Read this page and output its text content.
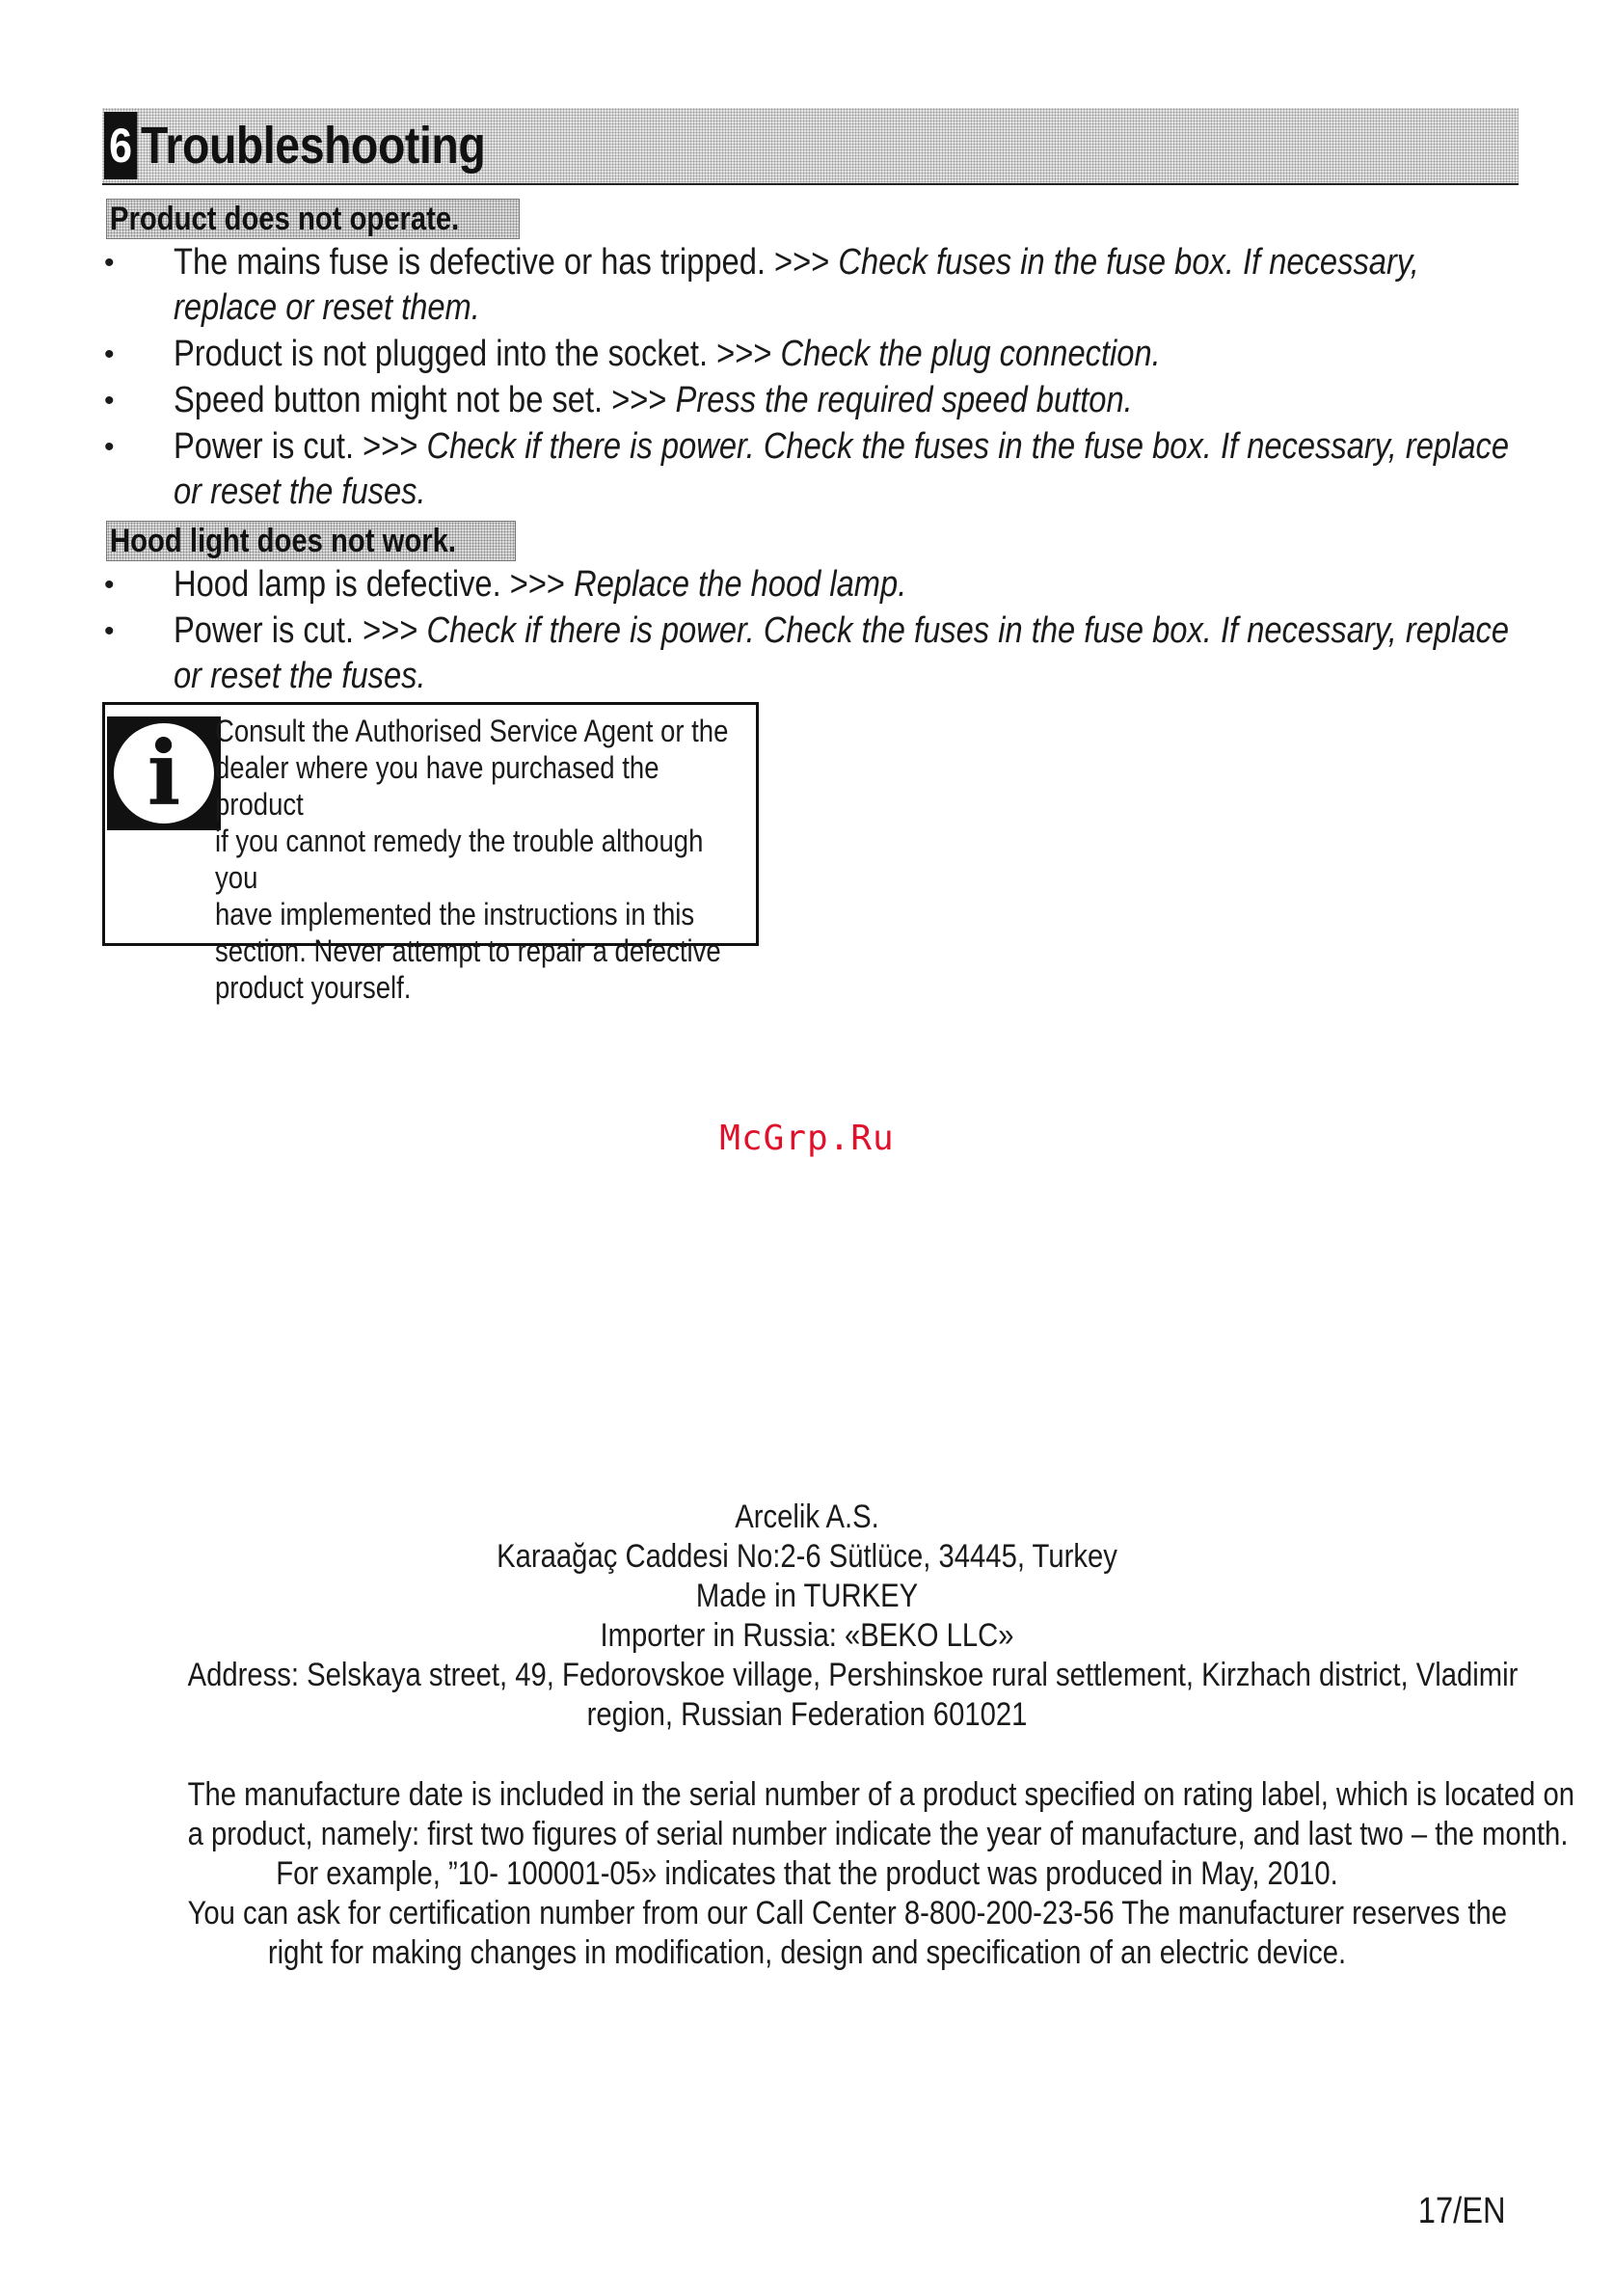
6 Troubleshooting
Product does not operate.
•	The mains fuse is defective or has tripped. >>> Check fuses in the fuse box. If necessary, replace or reset them.
•	Product is not plugged into the socket. >>> Check the plug connection.
•	Speed button might not be set. >>> Press the required speed button.
•	Power is cut. >>> Check if there is power. Check the fuses in the fuse box. If necessary, replace or reset the fuses.
Hood light does not work.
•	Hood lamp is defective. >>> Replace the hood lamp.
•	Power is cut. >>> Check if there is power. Check the fuses in the fuse box. If necessary, replace or reset the fuses.
i	Consult the Authorised Service Agent or the
dealer where you have purchased the product
if you cannot remedy the trouble although you
have implemented the instructions in this
section. Never attempt to repair a defective
product yourself.
McGrp.Ru
Arcelik A.S.
Karaağaç Caddesi No:2-6 Sütlüce, 34445, Turkey
Made in TURKEY
Importer in Russia: «BEKO LLC»
Address: Selskaya street, 49, Fedorovskoe village, Pershinskoe rural settlement, Kirzhach district, Vladimir
region, Russian Federation 601021
The manufacture date is included in the serial number of a product specified on rating label, which is located on
a product, namely: first two figures of serial number indicate the year of manufacture, and last two – the month.
For example, ”10- 100001-05» indicates that the product was produced in May, 2010.
You can ask for certification number from our Call Center 8-800-200-23-56 The manufacturer reserves the
right for making changes in modification, design and specification of an electric device.
17/EN
